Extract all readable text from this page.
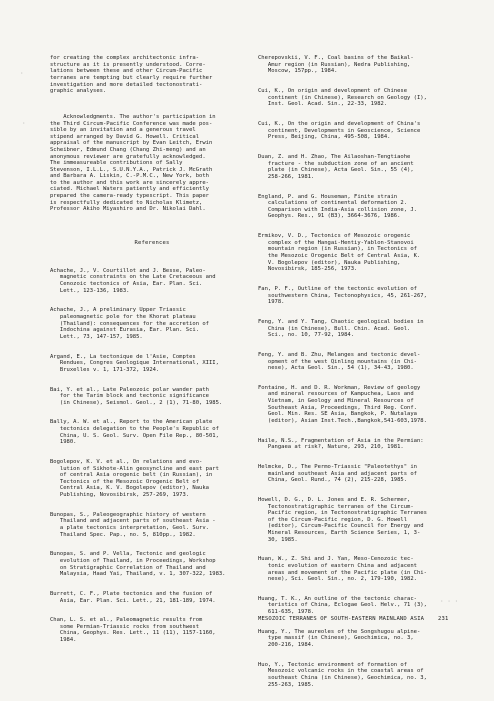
·
·
· · ·

for creating the complex architectonic infra-
structure as it is presently understood. Corre-
lations between these and other Circum-Pacific
terranes are tempting but clearly require further
investigation and more detailed tectonostrati-
graphic analyses.

Acknowledgments. The author's participation in
the Third Circum-Pacific Conference was made pos-
sible by an invitation and a generous travel
stipend arranged by David G. Howell. Critical
appraisal of the manuscript by Evan Leitch, Erwin
Scheibner, Edmund Chang (Chang Zhi-meng) and an
anonymous reviewer are gratefully acknowledged.
The immeasureable contributions of Sally
Stevenson, I.L.L., S.U.N.Y.A., Patrick J. McGrath
and Barbara A. Liskin, C.-P.M.C., New York, both
to the author and this work are sincerely appre-
ciated. Michael Waters patiently and efficiently
prepared the camera-ready typescript. This paper
is respectfully dedicated to Nicholas Klimetz,
Professor Akiho Miyashiro and Dr. Nikolai Dahl.

References

Achache, J., V. Courtillot and J. Besse, Paleo-
magnetic constraints on the Late Cretaceous and
Cenozoic tectonics of Asia, Ear. Plan. Sci.
Lett., 123-136, 1983.

Achache, J., A preliminary Upper Triassic
paleomagnetic pole for the Khorat plateau
(Thailand): consequences for the accretion of
Indochina against Eurasia, Ear. Plan. Sci.
Lett., 73, 147-157, 1985.

Argand, E., La tectonique de l'Asie, Comptes
Rendues, Congres Geologique International, XIII,
Bruxelles v. 1, 171-372, 1924.

Bai, Y. et al., Late Paleozoic polar wander path
for the Tarim block and tectonic significance
(in Chinese), Seismol. Geol., 2 (1), 71-80, 1985.

Bally, A. W. et al., Report to the American plate
tectonics delegation to the People's Republic of
China, U. S. Geol. Surv. Open File Rep., 80-501,
1980.

Bogolepov, K. V. et al., On relations and evo-
lution of Sikhote-Alin geosyncline and east part
of central Asia orogenic belt (in Russian), in
Tectonics of the Mesozoic Orogenic Belt of
Central Asia, K. V. Bogolepov (editor), Nauka
Publishing, Novosibirsk, 257-269, 1973.

Bunopas, S., Paleogeographic history of western
Thailand and adjacent parts of southeast Asia -
a plate tectonics interpretation, Geol. Surv.
Thailand Spec. Pap., no. 5, 810pp., 1982.

Bunopas, S. and P. Vella, Tectonic and geologic
evolution of Thailand, in Proceedings, Workshop
on Stratigraphic Correlation of Thailand and
Malaysia, Haad Yai, Thailand, v. 1, 307-322, 1983.

Burrett, C. F., Plate tectonics and the fusion of
Asia, Ear. Plan. Sci. Lett., 21, 181-189, 1974.

Chan, L. S. et al., Paleomagnetic results from
some Permian-Triassic rocks from southwest
China, Geophys. Res. Lett., 11 (11), 1157-1160,
1984.

Cherepovskii, V. F., Coal basins of the Baikal-
Amur region (in Russian), Nedra Publishing,
Moscow, 157pp., 1984.

Cui, K., On origin and development of Chinese
continent (in Chinese), Research on Geology (I),
Inst. Geol. Acad. Sin., 22-33, 1982.

Cui, K., On the origin and development of China's
continent, Developments in Geoscience, Science
Press, Beijing, China, 495-508, 1984.

Duan, Z. and H. Zhao, The Ailaoshan-Tengtiaohe
fracture - the subduction zone of an ancient
plate (in Chinese), Acta Geol. Sin., 55 (4),
258-266, 1981.

England, P. and G. Houseman, Finite strain
calculations of continental deformation 2.
Comparison with India-Asia collision zone, J.
Geophys. Res., 91 (B3), 3664-3676, 1986.

Ermikov, V. D., Tectonics of Mesozoic orogenic
complex of the Hangai-Hentiy-Yablon-Stanovoi
mountain region (in Russian), in Tectonics of
the Mesozoic Orogenic Belt of Central Asia, K.
V. Bogolepov (editor), Nauka Publishing,
Novosibirsk, 185-256, 1973.

Fan, P. F., Outline of the tectonic evolution of
southwestern China, Tectonophysics, 45, 261-267,
1978.

Feng, Y. and Y. Tang, Chaotic geological bodies in
China (in Chinese), Bull. Chin. Acad. Geol.
Sci., no. 10, 77-92, 1984.

Feng, Y. and B. Zhu, Melanges and tectonic devel-
opment of the west Qinling mountains (in Chi-
nese), Acta Geol. Sin., 54 (1), 34-43, 1980.

Fontaine, H. and D. R. Workman, Review of geology
and mineral resources of Kampuchea, Laos and
Vietnam, in Geology and Mineral Resources of
Southeast Asia, Proceedings, Third Reg. Conf.
Geol. Min. Res. SE Asia, Bangkok, P. Nutalaya
(editor), Asian Inst.Tech.,Bangkok,541-603,1978.

Haile, N.S., Fragmentation of Asia in the Permian:
Pangaea at risk?, Nature, 293, 210, 1981.

Helmcke, D., The Permo-Triassic "Paleotethys" in
mainland southeast Asia and adjacent parts of
China, Geol. Rund., 74 (2), 215-228, 1985.

Howell, D. G., D. L. Jones and E. R. Schermer,
Tectonostratigraphic terranes of the Circum-
Pacific region, in Tectonostratigraphic Terranes
of the Circum-Pacific region, D. G. Howell
(editor), Circum-Pacific Council for Energy and
Mineral Resources, Earth Science Series, 1, 3-
30, 1985.

Huan, W., Z. Shi and J. Yan, Meso-Cenozoic tec-
tonic evolution of eastern China and adjacent
areas and movement of the Pacific plate (in Chi-
nese), Sci. Geol. Sin., no. 2, 179-190, 1982.

Huang, T. K., An outline of the tectonic charac-
teristics of China, Eclogae Geol. Helv., 71 (3),
611-635, 1978.

Huang, Y., The aureoles of the Songshugou alpine-
type massif (in Chinese), Geochimica, no. 3,
200-216, 1984.

Huo, Y., Tectonic environment of formation of
Mesozoic volcanic rocks in the coastal areas of
southeast China (in Chinese), Geochimica, no. 3,
255-263, 1985.

MESOZOIC TERRANES OF SOUTH-EASTERN MAINLAND ASIA	231
